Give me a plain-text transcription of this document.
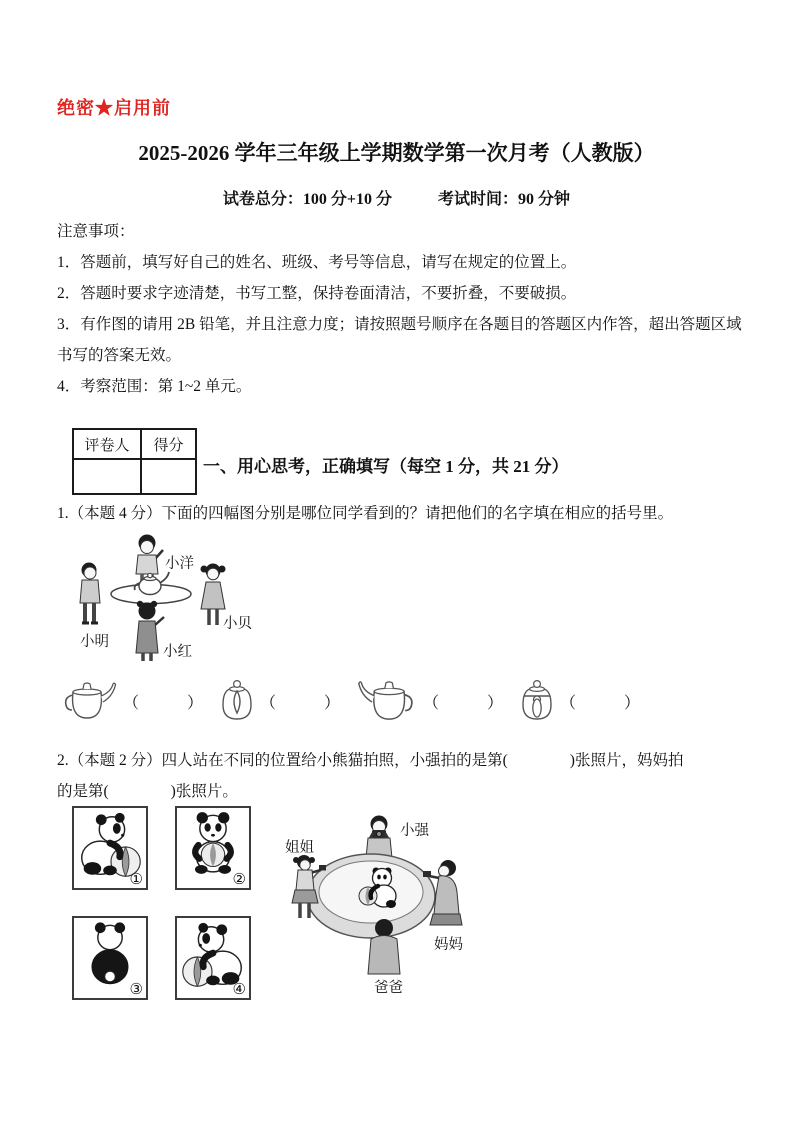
绝密★启用前
2025-2026 学年三年级上学期数学第一次月考（人教版）
试卷总分：100 分+10 分	考试时间：90 分钟

注意事项：

1．答题前，填写好自己的姓名、班级、考号等信息，请写在规定的位置上。

2．答题时要求字迹清楚，书写工整，保持卷面清洁，不要折叠，不要破损。

3．有作图的请用 2B 铅笔，并且注意力度；请按照题号顺序在各题目的答题区内作答，超出答题区域书写的答案无效。

4．考察范围：第 1~2 单元。

评卷人	得分

一、用心思考，正确填写（每空 1 分，共 21 分）
1.（本题 4 分）下面的四幅图分别是哪位同学看到的？请把他们的名字填在相应的括号里。
小洋
小明
小贝
小红
（　　　）	（　　　）	（　　　）	（　　　）
2.（本题 2 分）四人站在不同的位置给小熊猫拍照，小强拍的是第(　　　　)张照片，妈妈拍
的是第(　　　　)张照片。
①	②
③	④
小强
姐姐
妈妈
爸爸
